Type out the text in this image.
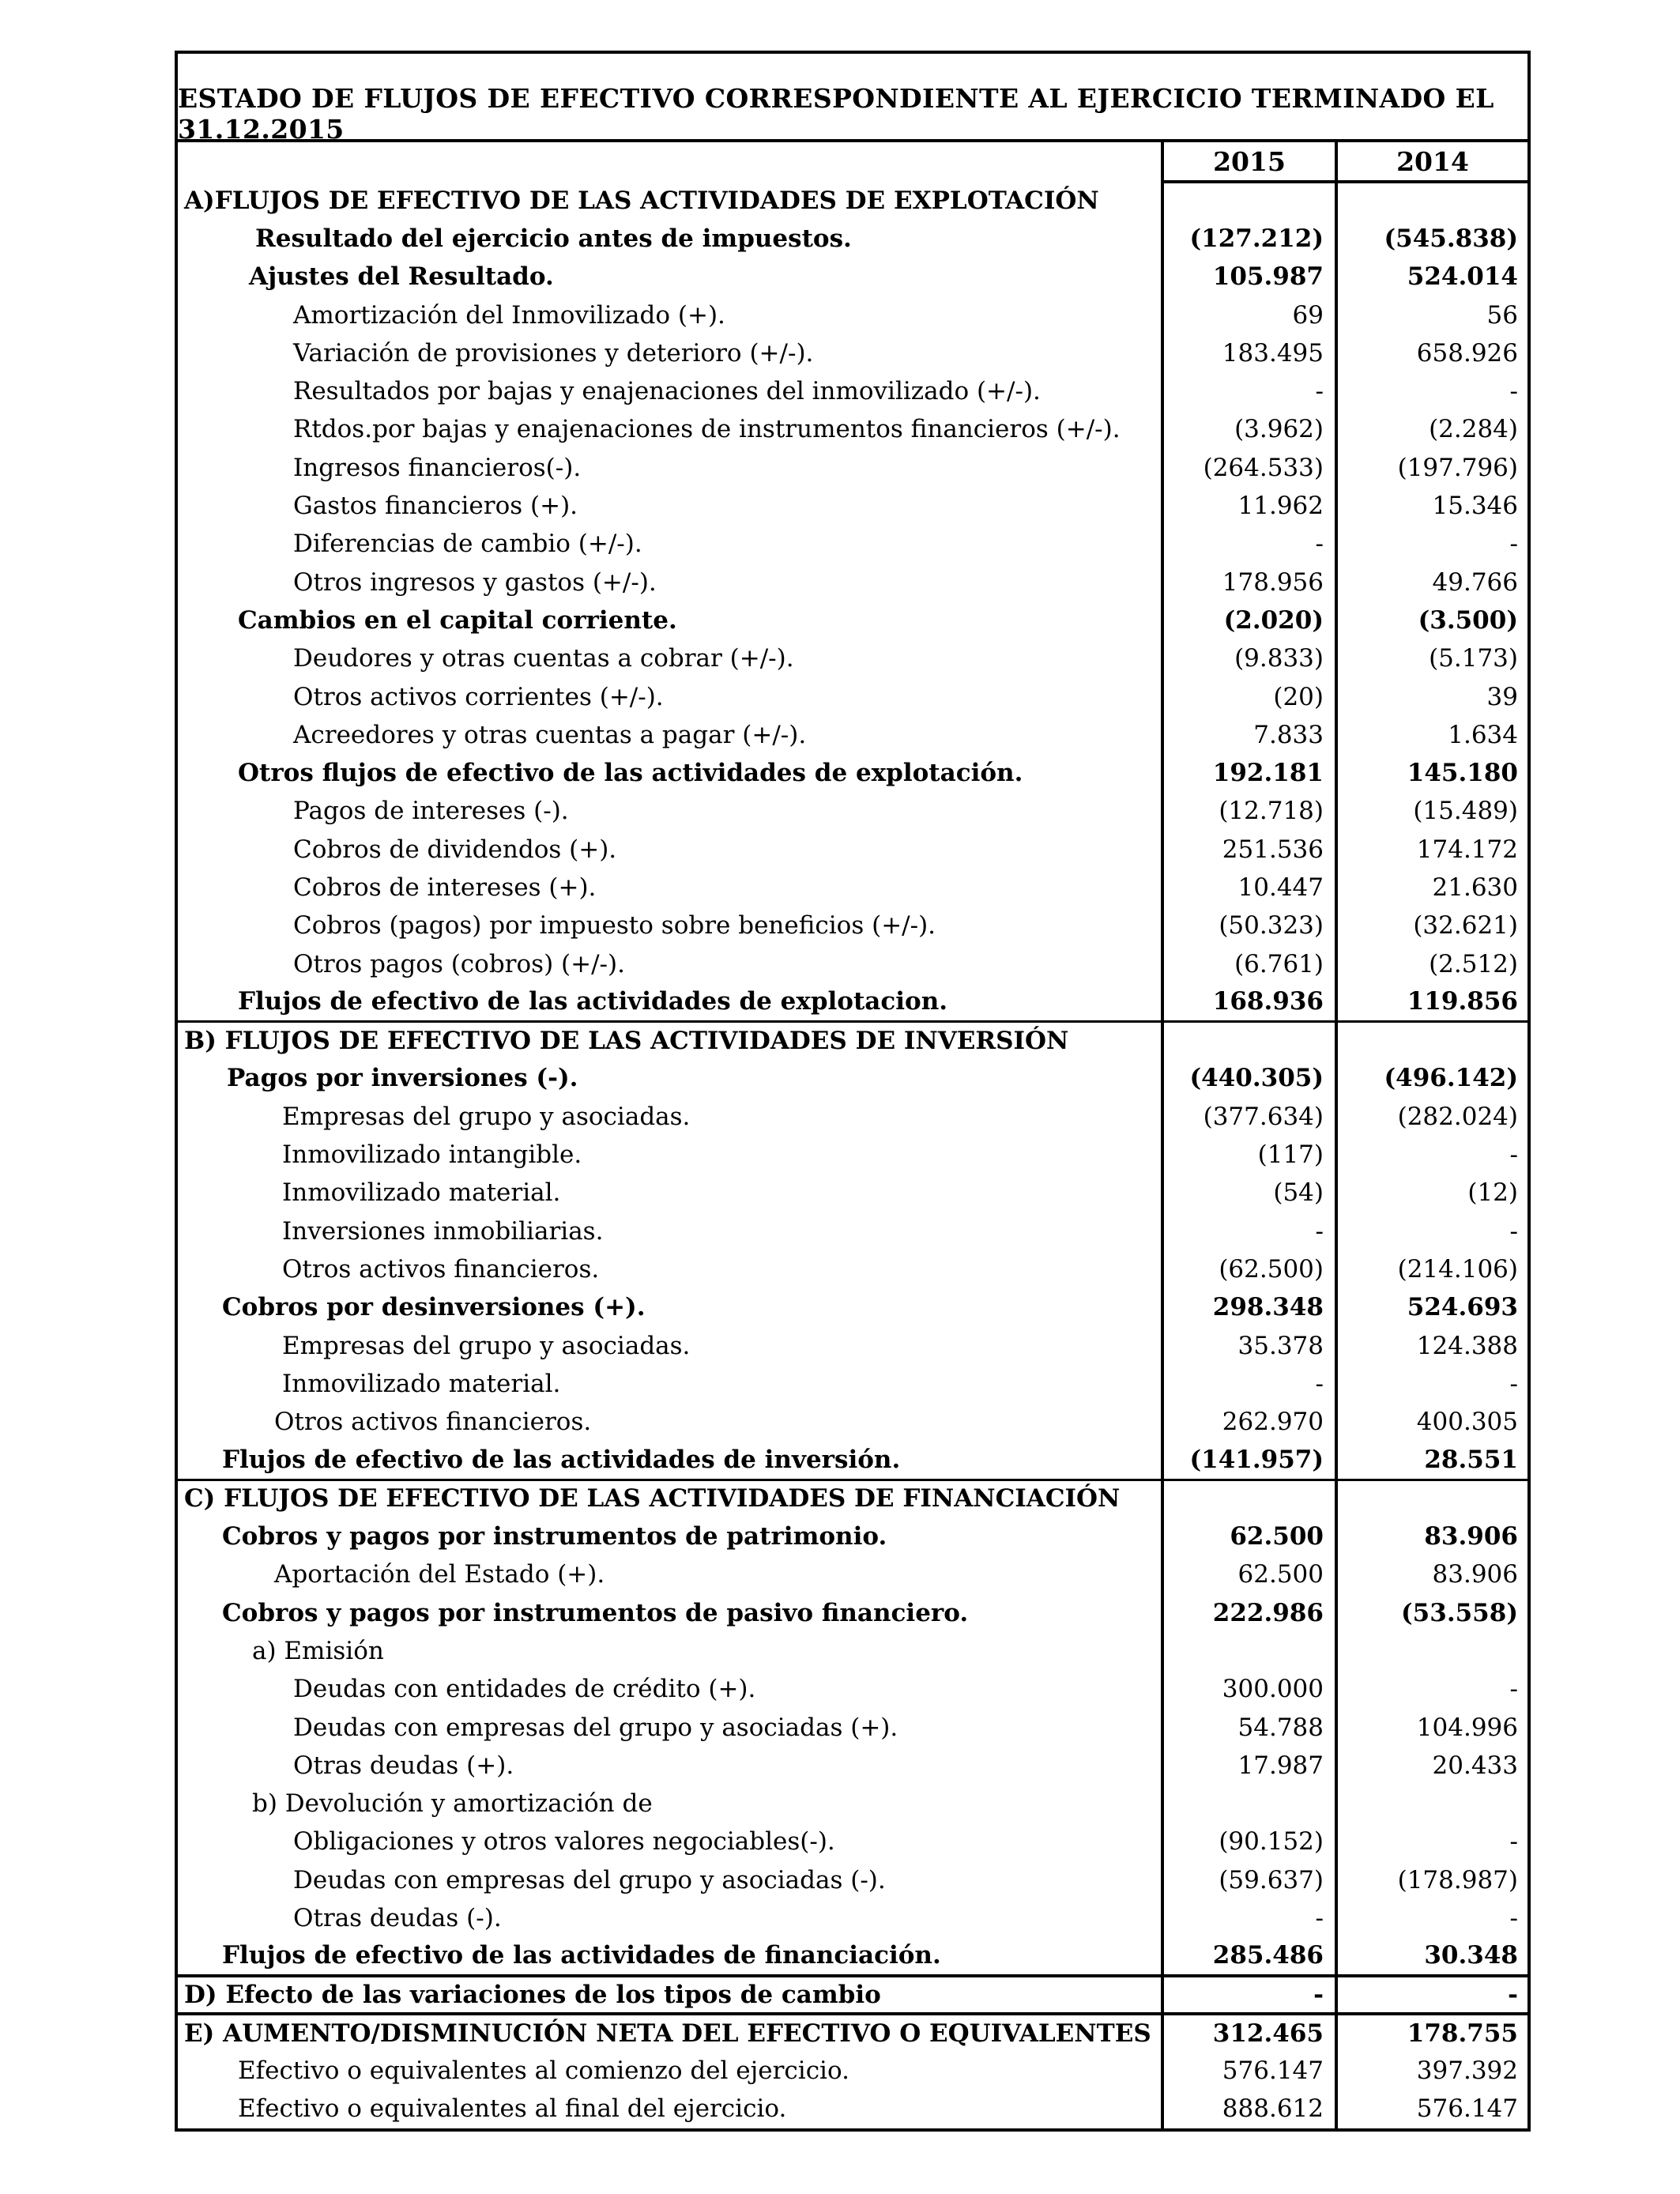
ESTADO DE FLUJOS DE EFECTIVO CORRESPONDIENTE AL EJERCICIO TERMINADO EL 31.12.2015
	2015	2014
A)FLUJOS DE EFECTIVO DE LAS ACTIVIDADES DE EXPLOTACIÓN		
Resultado del ejercicio antes de impuestos.	(127.212)	(545.838)
Ajustes del Resultado.	105.987	524.014
Amortización del Inmovilizado (+).	69	56
Variación de provisiones y deterioro (+/-).	183.495	658.926
Resultados por bajas y enajenaciones del inmovilizado (+/-).	-	-
Rtdos.por bajas y enajenaciones de instrumentos financieros (+/-).	(3.962)	(2.284)
Ingresos financieros(-).	(264.533)	(197.796)
Gastos financieros (+).	11.962	15.346
Diferencias de cambio (+/-).	-	-
Otros ingresos y gastos (+/-).	178.956	49.766
Cambios en el capital corriente.	(2.020)	(3.500)
Deudores y otras cuentas a cobrar (+/-).	(9.833)	(5.173)
Otros activos corrientes (+/-).	(20)	39
Acreedores y otras cuentas a pagar (+/-).	7.833	1.634
Otros flujos de efectivo de las actividades de explotación.	192.181	145.180
Pagos de intereses (-).	(12.718)	(15.489)
Cobros de dividendos (+).	251.536	174.172
Cobros de intereses (+).	10.447	21.630
Cobros (pagos) por impuesto sobre beneficios (+/-).	(50.323)	(32.621)
Otros pagos (cobros) (+/-).	(6.761)	(2.512)
Flujos de efectivo de las actividades de explotacion.	168.936	119.856
B) FLUJOS DE EFECTIVO DE LAS ACTIVIDADES DE INVERSIÓN		
Pagos por inversiones (-).	(440.305)	(496.142)
Empresas del grupo y asociadas.	(377.634)	(282.024)
Inmovilizado intangible.	(117)	-
Inmovilizado material.	(54)	(12)
Inversiones inmobiliarias.	-	-
Otros activos financieros.	(62.500)	(214.106)
Cobros por desinversiones (+).	298.348	524.693
Empresas del grupo y asociadas.	35.378	124.388
Inmovilizado material.	-	-
Otros activos financieros.	262.970	400.305
Flujos de efectivo de las actividades de inversión.	(141.957)	28.551
C) FLUJOS DE EFECTIVO DE LAS ACTIVIDADES DE FINANCIACIÓN		
Cobros y pagos por instrumentos de patrimonio.	62.500	83.906
Aportación del Estado (+).	62.500	83.906
Cobros y pagos por instrumentos de pasivo financiero.	222.986	(53.558)
a) Emisión		
Deudas con entidades de crédito (+).	300.000	-
Deudas con empresas del grupo y asociadas (+).	54.788	104.996
Otras deudas (+).	17.987	20.433
b) Devolución y amortización de		
Obligaciones y otros valores negociables(-).	(90.152)	-
Deudas con empresas del grupo y asociadas (-).	(59.637)	(178.987)
Otras deudas (-).	-	-
Flujos de efectivo de las actividades de financiación.	285.486	30.348
D) Efecto de las variaciones de los tipos de cambio	-	-
E) AUMENTO/DISMINUCIÓN NETA DEL EFECTIVO O EQUIVALENTES	312.465	178.755
Efectivo o equivalentes al comienzo del ejercicio.	576.147	397.392
Efectivo o equivalentes al final del ejercicio.	888.612	576.147
